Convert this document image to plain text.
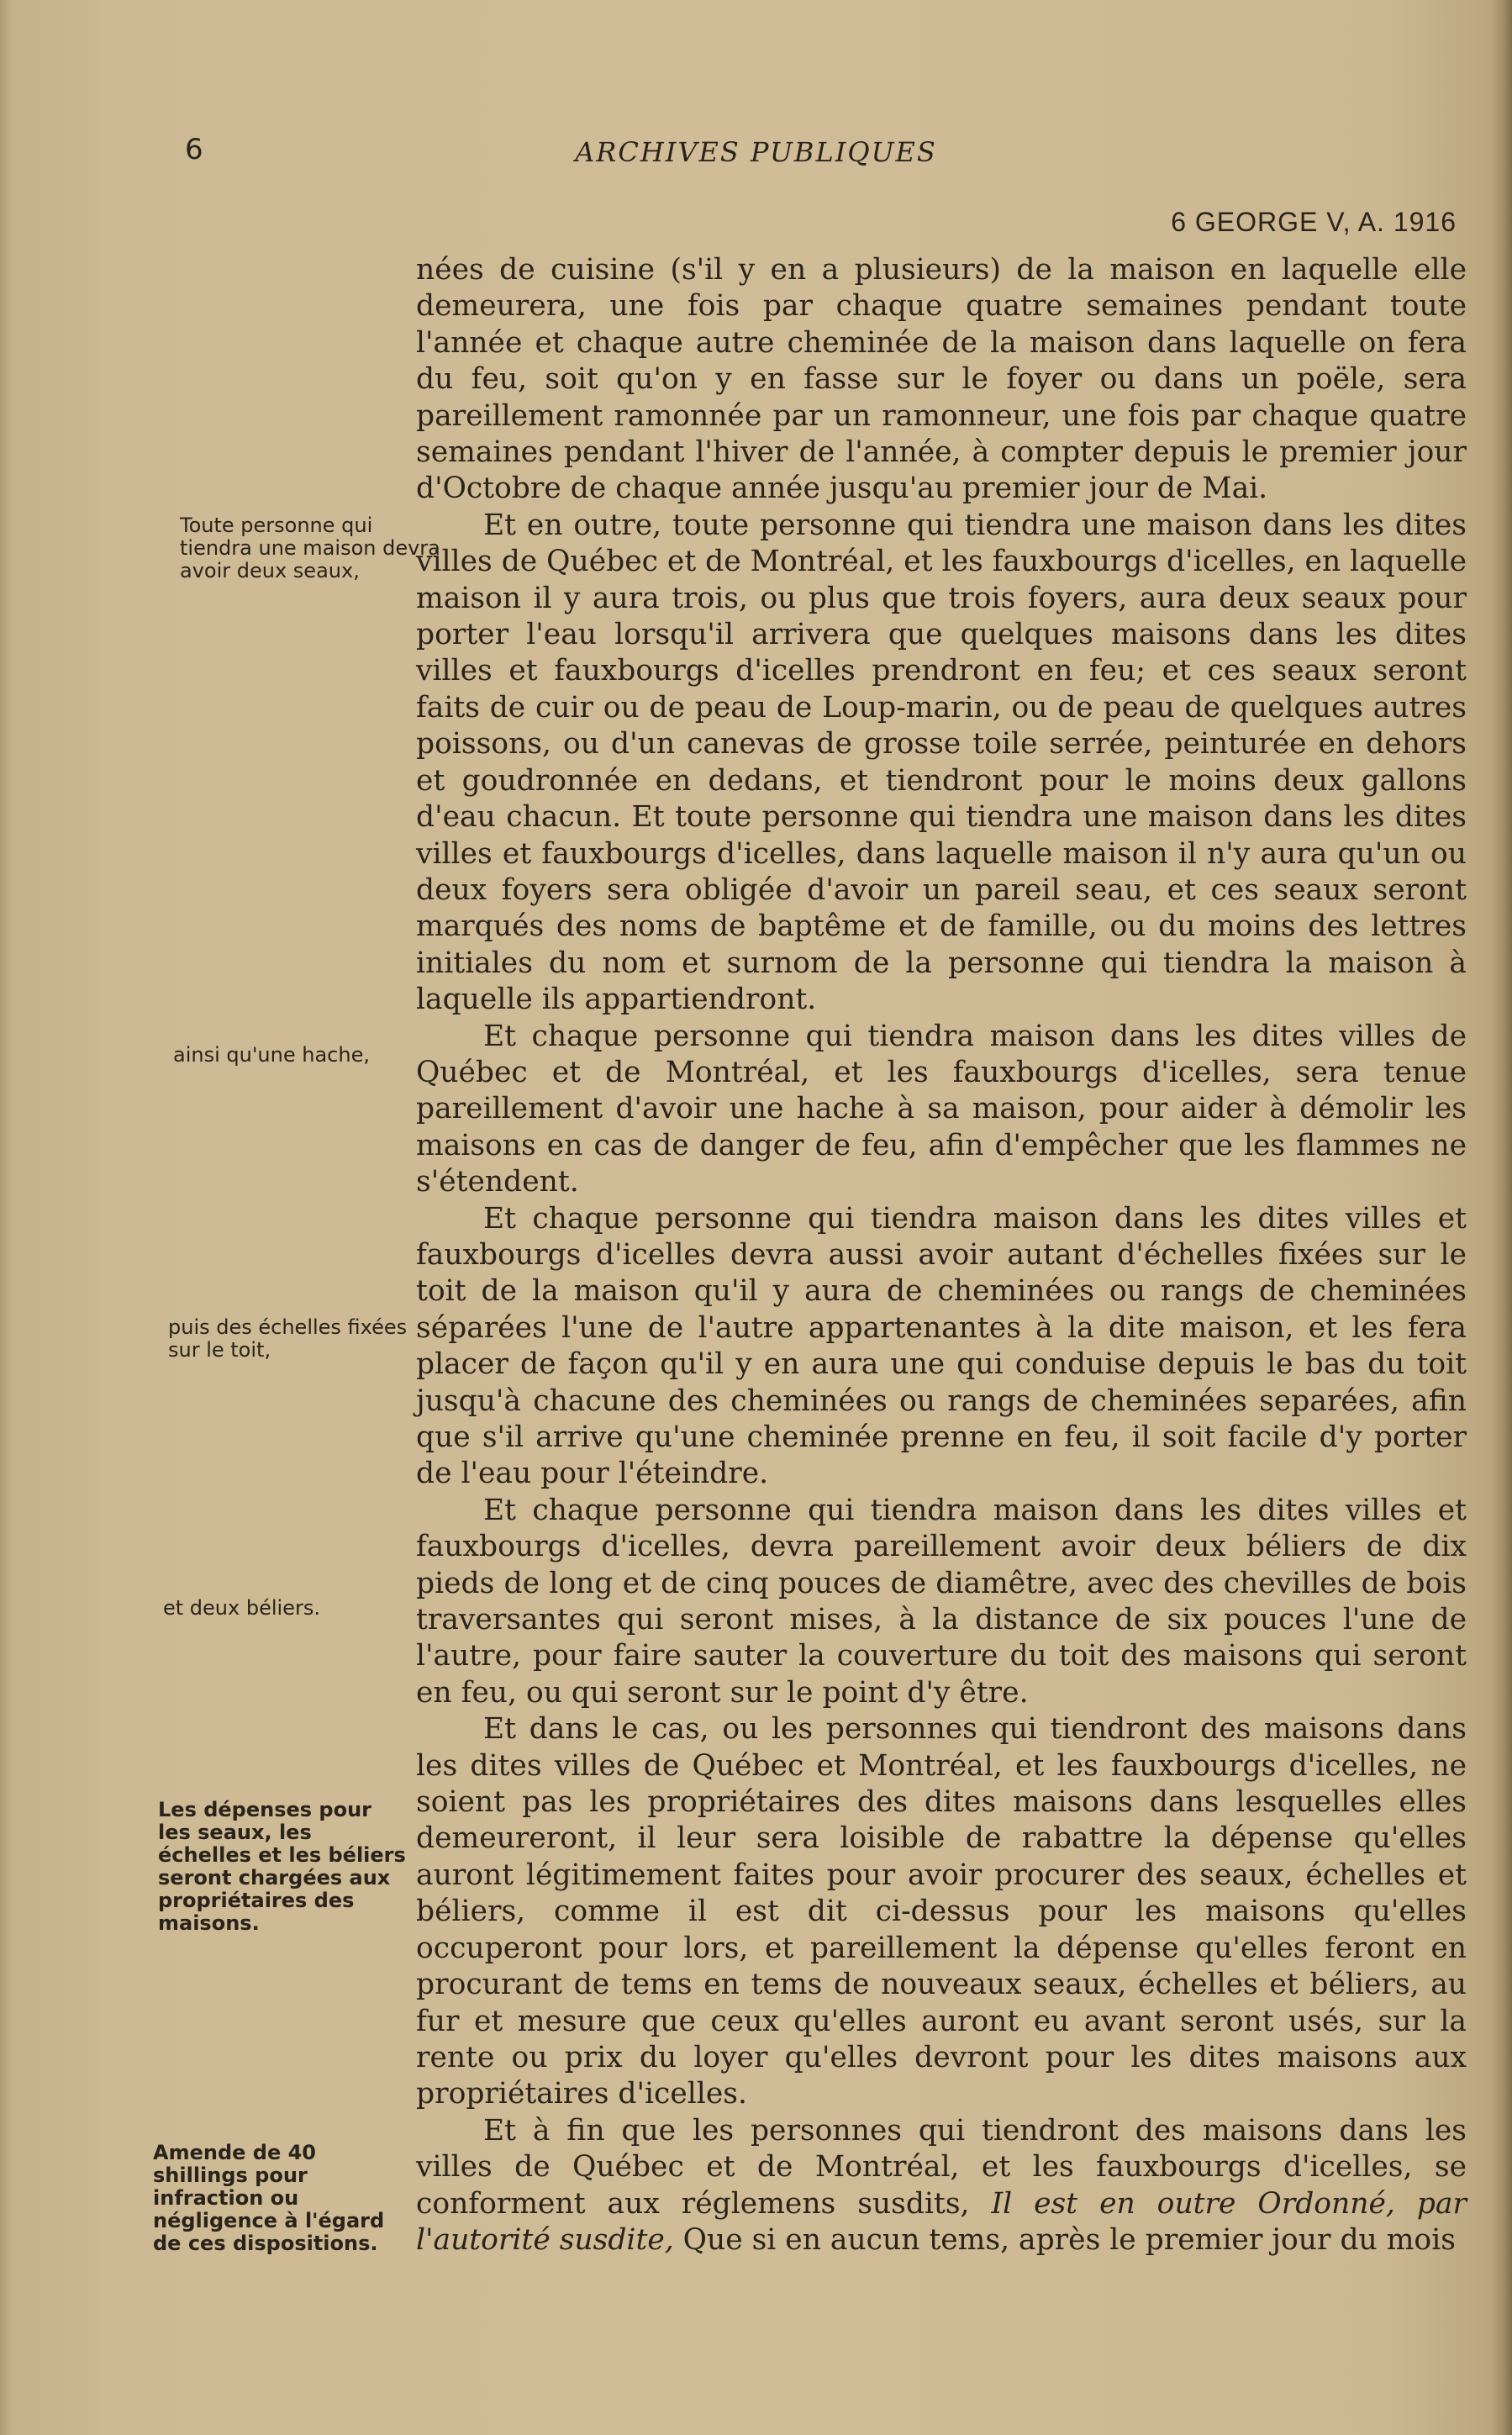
6	ARCHIVES PUBLIQUES
6 GEORGE V, A. 1916

nées de cuisine (s'il y en a plusieurs) de la maison en laquelle elle demeurera, une fois par chaque quatre semaines pendant toute l'année et chaque autre cheminée de la maison dans laquelle on fera du feu, soit qu'on y en fasse sur le foyer ou dans un poële, sera pareillement ramonnée par un ramonneur, une fois par chaque quatre semaines pendant l'hiver de l'année, à compter depuis le premier jour d'Octobre de chaque année jusqu'au premier jour de Mai.

Et en outre, toute personne qui tiendra une maison dans les dites villes de Québec et de Montréal, et les fauxbourgs d'icelles, en laquelle maison il y aura trois, ou plus que trois foyers, aura deux seaux pour porter l'eau lorsqu'il arrivera que quelques maisons dans les dites villes et fauxbourgs d'icelles prendront en feu; et ces seaux seront faits de cuir ou de peau de Loup-marin, ou de peau de quelques autres poissons, ou d'un canevas de grosse toile serrée, peinturée en dehors et goudronnée en dedans, et tiendront pour le moins deux gallons d'eau chacun. Et toute personne qui tiendra une maison dans les dites villes et fauxbourgs d'icelles, dans laquelle maison il n'y aura qu'un ou deux foyers sera obligée d'avoir un pareil seau, et ces seaux seront marqués des noms de baptême et de famille, ou du moins des lettres initiales du nom et surnom de la personne qui tiendra la maison à laquelle ils appartiendront.

Et chaque personne qui tiendra maison dans les dites villes de Québec et de Montréal, et les fauxbourgs d'icelles, sera tenue pareillement d'avoir une hache à sa maison, pour aider à démolir les maisons en cas de danger de feu, afin d'empêcher que les flammes ne s'étendent.

Et chaque personne qui tiendra maison dans les dites villes et fauxbourgs d'icelles devra aussi avoir autant d'échelles fixées sur le toit de la maison qu'il y aura de cheminées ou rangs de cheminées séparées l'une de l'autre appartenantes à la dite maison, et les fera placer de façon qu'il y en aura une qui conduise depuis le bas du toit jusqu'à chacune des cheminées ou rangs de cheminées separées, afin que s'il arrive qu'une cheminée prenne en feu, il soit facile d'y porter de l'eau pour l'éteindre.

Et chaque personne qui tiendra maison dans les dites villes et fauxbourgs d'icelles, devra pareillement avoir deux béliers de dix pieds de long et de cinq pouces de diamêtre, avec des chevilles de bois traversantes qui seront mises, à la distance de six pouces l'une de l'autre, pour faire sauter la couverture du toit des maisons qui seront en feu, ou qui seront sur le point d'y être.

Et dans le cas, ou les personnes qui tiendront des maisons dans les dites villes de Québec et Montréal, et les fauxbourgs d'icelles, ne soient pas les propriétaires des dites maisons dans lesquelles elles demeureront, il leur sera loisible de rabattre la dépense qu'elles auront légitimement faites pour avoir procurer des seaux, échelles et béliers, comme il est dit ci-dessus pour les maisons qu'elles occuperont pour lors, et pareillement la dépense qu'elles feront en procurant de tems en tems de nouveaux seaux, échelles et béliers, au fur et mesure que ceux qu'elles auront eu avant seront usés, sur la rente ou prix du loyer qu'elles devront pour les dites maisons aux propriétaires d'icelles.

Et à fin que les personnes qui tiendront des maisons dans les villes de Québec et de Montréal, et les fauxbourgs d'icelles, se conforment aux réglemens susdits, Il est en outre Ordonné, par l'autorité susdite, Que si en aucun tems, après le premier jour du mois

Toute personne qui tiendra une maison devra avoir deux seaux,

ainsi qu'une hache,

puis des échelles fixées sur le toit,

et deux béliers.

Les dépenses pour les seaux, les échelles et les béliers seront chargées aux propriétaires des maisons.

Amende de 40 shillings pour infraction ou négligence à l'égard de ces dispositions.
